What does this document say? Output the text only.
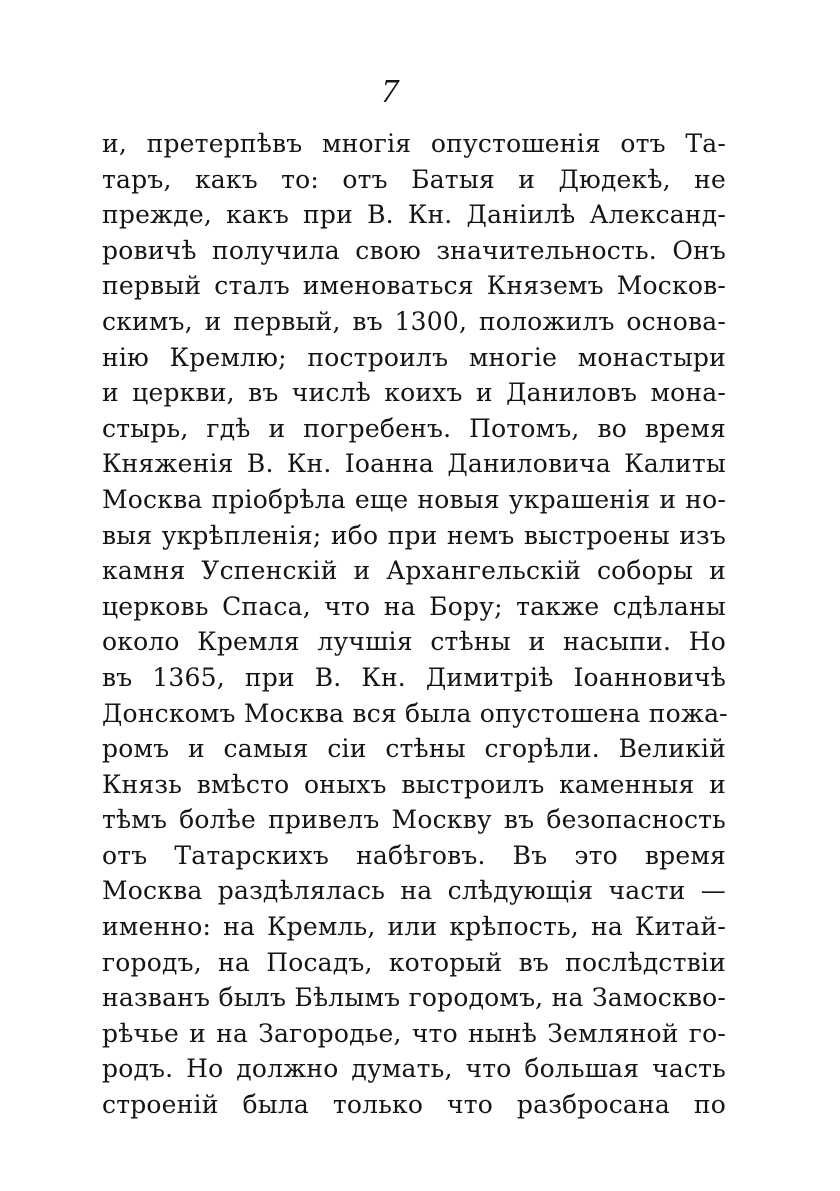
7
и, претерпѣвъ многія опустошенія отъ Та-
таръ, какъ то: отъ Батыя и Дюдекѣ, не
прежде, какъ при В. Кн. Даніилѣ Александ-
ровичѣ получила свою значительность. Онъ
первый сталъ именоваться Княземъ Москов-
скимъ, и первый, въ 1300, положилъ основа-
нію Кремлю; построилъ многіе монастыри
и церкви, въ числѣ коихъ и Даниловъ мона-
стырь, гдѣ и погребенъ. Потомъ, во время
Княженія В. Кн. Іоанна Даниловича Калиты
Москва пріобрѣла еще новыя украшенія и но-
выя укрѣпленія; ибо при немъ выстроены изъ
камня Успенскій и Архангельскій соборы и
церковь Спаса, что на Бору; также сдѣланы
около Кремля лучшія стѣны и насыпи. Но
въ 1365, при В. Кн. Димитріѣ Іоанновичѣ
Донскомъ Москва вся была опустошена пожа-
ромъ и самыя сіи стѣны сгорѣли. Великій
Князь вмѣсто оныхъ выстроилъ каменныя и
тѣмъ болѣе привелъ Москву въ безопасность
отъ Татарскихъ набѣговъ. Въ это время
Москва раздѣлялась на слѣдующія части —
именно: на Кремль, или крѣпость, на Китай-
городъ, на Посадъ, который въ послѣдствіи
названъ былъ Бѣлымъ городомъ, на Замоскво-
рѣчье и на Загородье, что нынѣ Земляной го-
родъ. Но должно думать, что большая часть
строеній была только что разбросана по
